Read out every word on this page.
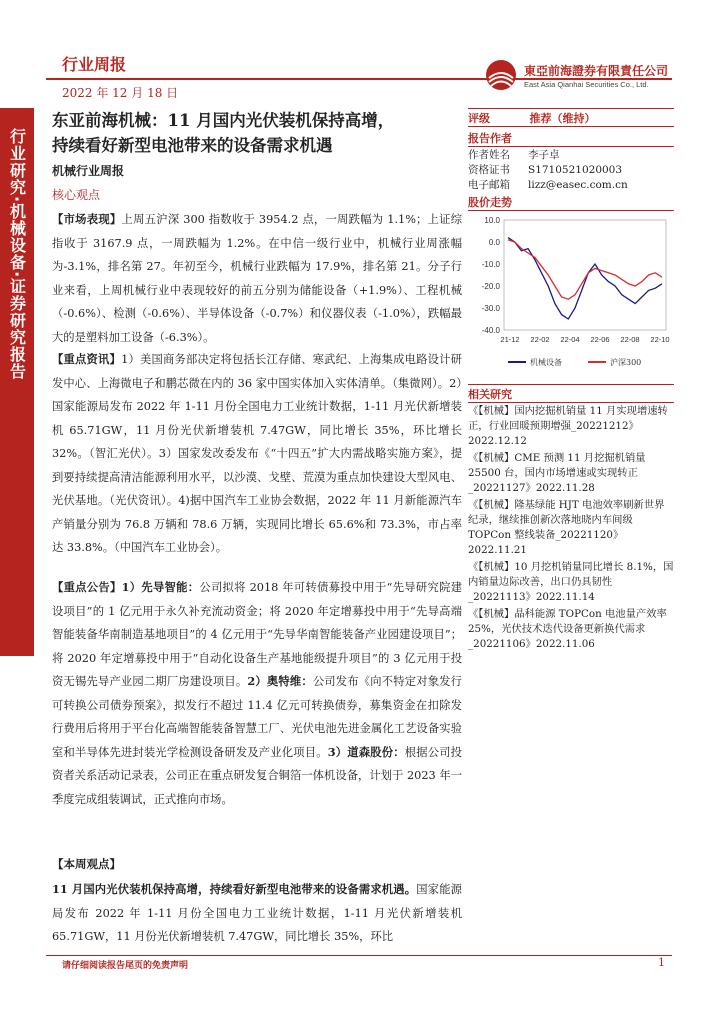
行业周报
2022 年 12 月 18 日
東亞前海證券有限責任公司
East Asia Qianhai Securities Co., Ltd.
行业研究·机械设备·证券研究报告
东亚前海机械：11 月国内光伏装机保持高增，
持续看好新型电池带来的设备需求机遇
机械行业周报
核心观点
【市场表现】上周五沪深 300 指数收于 3954.2 点，一周跌幅为 1.1%；上证综指收于 3167.9 点，一周跌幅为 1.2%。在中信一级行业中，机械行业周涨幅为-3.1%，排名第 27。年初至今，机械行业跌幅为 17.9%，排名第 21。分子行业来看，上周机械行业中表现较好的前五分别为储能设备（+1.9%）、工程机械（-0.6%）、检测（-0.6%）、半导体设备（-0.7%）和仪器仪表（-1.0%），跌幅最大的是塑料加工设备（-6.3%）。
【重点资讯】1）美国商务部决定将包括长江存储、寒武纪、上海集成电路设计研发中心、上海微电子和鹏芯微在内的 36 家中国实体加入实体清单。（集微网）。2）国家能源局发布 2022 年 1-11 月份全国电力工业统计数据，1-11 月光伏新增装机 65.71GW，11 月份光伏新增装机 7.47GW，同比增长 35%，环比增长 32%。（智汇光伏）。3）国家发改委发布《“十四五”扩大内需战略实施方案》，提到要持续提高清洁能源利用水平，以沙漠、戈壁、荒漠为重点加快建设大型风电、光伏基地。（光伏资讯）。4)据中国汽车工业协会数据，2022 年 11 月新能源汽车产销量分别为 76.8 万辆和 78.6 万辆，实现同比增长 65.6%和 73.3%，市占率达 33.8%。（中国汽车工业协会）。
【重点公告】1）先导智能：公司拟将 2018 年可转债募投中用于“先导研究院建设项目”的 1 亿元用于永久补充流动资金；将 2020 年定增募投中用于“先导高端智能装备华南制造基地项目”的 4 亿元用于“先导华南智能装备产业园建设项目”；将 2020 年定增募投中用于“自动化设备生产基地能级提升项目”的 3 亿元用于投资无锡先导产业园二期厂房建设项目。2）奥特维：公司发布《向不特定对象发行可转换公司债券预案》，拟发行不超过 11.4 亿元可转换债券，募集资金在扣除发行费用后将用于平台化高端智能装备智慧工厂、光伏电池先进金属化工艺设备实验室和半导体先进封装光学检测设备研发及产业化项目。3）道森股份：根据公司投资者关系活动记录表，公司正在重点研发复合铜箔一体机设备，计划于 2023 年一季度完成组装调试，正式推向市场。
【本周观点】
11 月国内光伏装机保持高增，持续看好新型电池带来的设备需求机遇。国家能源局发布 2022 年 1-11 月份全国电力工业统计数据，1-11 月光伏新增装机 65.71GW，11 月份光伏新增装机 7.47GW，同比增长 35%，环比
评级	推荐（维持）
报告作者
作者姓名 李子卓
资格证书 S1710521020003
电子邮箱 lizz@easec.com.cn
股价走势
10.0
0.0
-10.0
-20.0
-30.0
-40.0
21-12 22-02 22-04 22-06 22-08 22-10
机械设备	沪深300
相关研究
《【机械】国内挖掘机销量 11 月实现增速转正，行业回暖预期增强_20221212》2022.12.12
《【机械】CME 预测 11 月挖掘机销量 25500 台，国内市场增速或实现转正_20221127》2022.11.28
《【机械】隆基绿能 HJT 电池效率刷新世界纪录，继续推创新次落地晓内车间级 TOPCon 整线装备_20221120》2022.11.21
《【机械】10 月挖机销量同比增长 8.1%，国内销量边际改善，出口仍具韧性_20221113》2022.11.14
《【机械】晶科能源 TOPCon 电池量产效率 25%，光伏技术迭代设备更新换代需求_20221106》2022.11.06
请仔细阅读报告尾页的免责声明	1
